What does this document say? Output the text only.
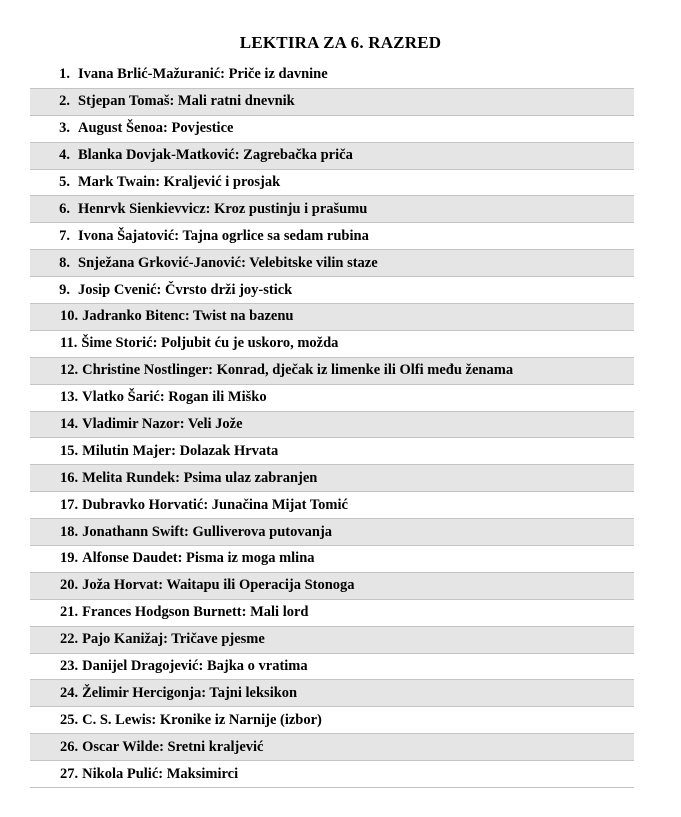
LEKTIRA ZA 6. RAZRED
1. Ivana Brlić-Mažuranić: Priče iz davnine
2. Stjepan Tomaš: Mali ratni dnevnik
3. August Šenoa: Povjestice
4. Blanka Dovjak-Matković: Zagrebačka priča
5. Mark Twain: Kraljević i prosjak
6. Henrvk Sienkievvicz: Kroz pustinju i prašumu
7. Ivona Šajatović: Tajna ogrlice sa sedam rubina
8. Snježana Grković-Janović: Velebitske vilin staze
9. Josip Cvenić: Čvrsto drži joy-stick
10. Jadranko Bitenc: Twist na bazenu
11. Šime Storić: Poljubit ću je uskoro, možda
12. Christine Nostlinger: Konrad, dječak iz limenke ili Olfi među ženama
13. Vlatko Šarić: Rogan ili Miško
14. Vladimir Nazor: Veli Jože
15. Milutin Majer: Dolazak Hrvata
16. Melita Rundek: Psima ulaz zabranjen
17. Dubravko Horvatić: Junačina Mijat Tomić
18. Jonathann Swift: Gulliverova putovanja
19. Alfonse Daudet: Pisma iz moga mlina
20. Joža Horvat: Waitapu ili Operacija Stonoga
21. Frances Hodgson Burnett: Mali lord
22. Pajo Kanižaj: Tričave pjesme
23. Danijel Dragojević: Bajka o vratima
24. Želimir Hercigonja: Tajni leksikon
25. C. S. Lewis: Kronike iz Narnije (izbor)
26. Oscar Wilde: Sretni kraljević
27. Nikola Pulić: Maksimirci
